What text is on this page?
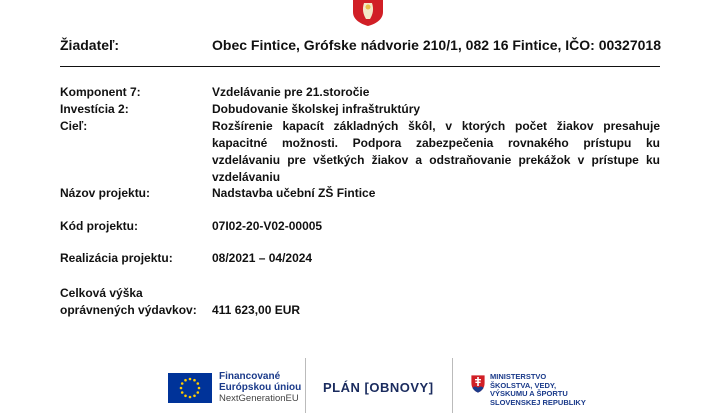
Žiadateľ:	Obec Fintice, Grófske nádvorie 210/1, 082 16 Fintice, IČO: 00327018
Komponent 7:	Vzdelávanie pre 21.storočie
Investícia 2:	Dobudovanie školskej infraštruktúry
Cieľ:	Rozšírenie kapacít základných škôl, v ktorých počet žiakov presahuje kapacitné možnosti. Podpora zabezpečenia rovnakého prístupu ku vzdelávaniu pre všetkých žiakov a odstraňovanie prekážok v prístupe ku vzdelávaniu
Názov projektu:	Nadstavba učební ZŠ Fintice
Kód projektu:	07I02-20-V02-00005
Realizácia projektu:	08/2021 – 04/2024
Celková výška
oprávnených výdavkov:	411 623,00 EUR
Financované
Európskou úniou
NextGenerationEU
PLÁN [OBNOVY]
MINISTERSTVO
ŠKOLSTVA, VEDY,
VÝSKUMU A ŠPORTU
SLOVENSKEJ REPUBLIKY
